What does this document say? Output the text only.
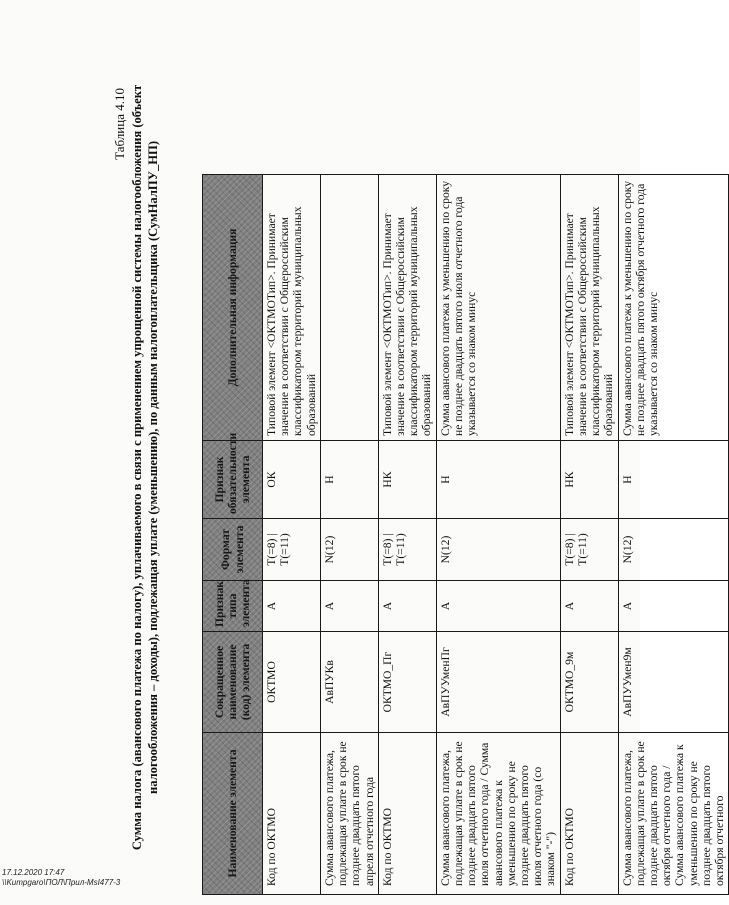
Таблица 4.10 Сумма налога (авансового платежа по налогу), уплачиваемого в связи с применением упрощенной системы налогообложения (объект налогообложения – доходы), подлежащая уплате (уменьшению), по данным налогоплательщика (СумНалПУ_НП)
Наименование элемента	Сокращенное наименование (код) элемента	Признак типа элемента	Формат элемента	Признак обязательности элемента	Дополнительная информация
Код по ОКТМО	ОКТМО	А	T(=8) | T(=11)	ОК	Типовой элемент <ОКТМОТип>. Принимает значение в соответствии с Общероссийским классификатором территорий муниципальных образований
Сумма авансового платежа, подлежащая уплате в срок не позднее двадцать пятого апреля отчетного года	АвПУКв	А	N(12)	Н	
Код по ОКТМО	ОКТМО_Пг	А	T(=8) | T(=11)	НК	Типовой элемент <ОКТМОТип>. Принимает значение в соответствии с Общероссийским классификатором территорий муниципальных образований
Сумма авансового платежа, подлежащая уплате в срок не позднее двадцать пятого июля отчетного года / Сумма авансового платежа к уменьшению по сроку не позднее двадцать пятого июля отчетного года (со знаком "-")	АвПУУменПг	А	N(12)	Н	Сумма авансового платежа к уменьшению по сроку не позднее двадцать пятого июля отчетного года указывается со знаком минус
Код по ОКТМО	ОКТМО_9м	А	T(=8) | T(=11)	НК	Типовой элемент <ОКТМОТип>. Принимает значение в соответствии с Общероссийским классификатором территорий муниципальных образований
Сумма авансового платежа, подлежащая уплате в срок не позднее двадцать пятого октября отчетного года / Сумма авансового платежа к уменьшению по сроку не позднее двадцать пятого октября отчетного	АвПУУмен9м	А	N(12)	Н	Сумма авансового платежа к уменьшению по сроку не позднее двадцать пятого октября отчетного года указывается со знаком минус
17.12.2020 17:47
\\Kumpgaro\ПОЛ\Прил-MsI477-3
